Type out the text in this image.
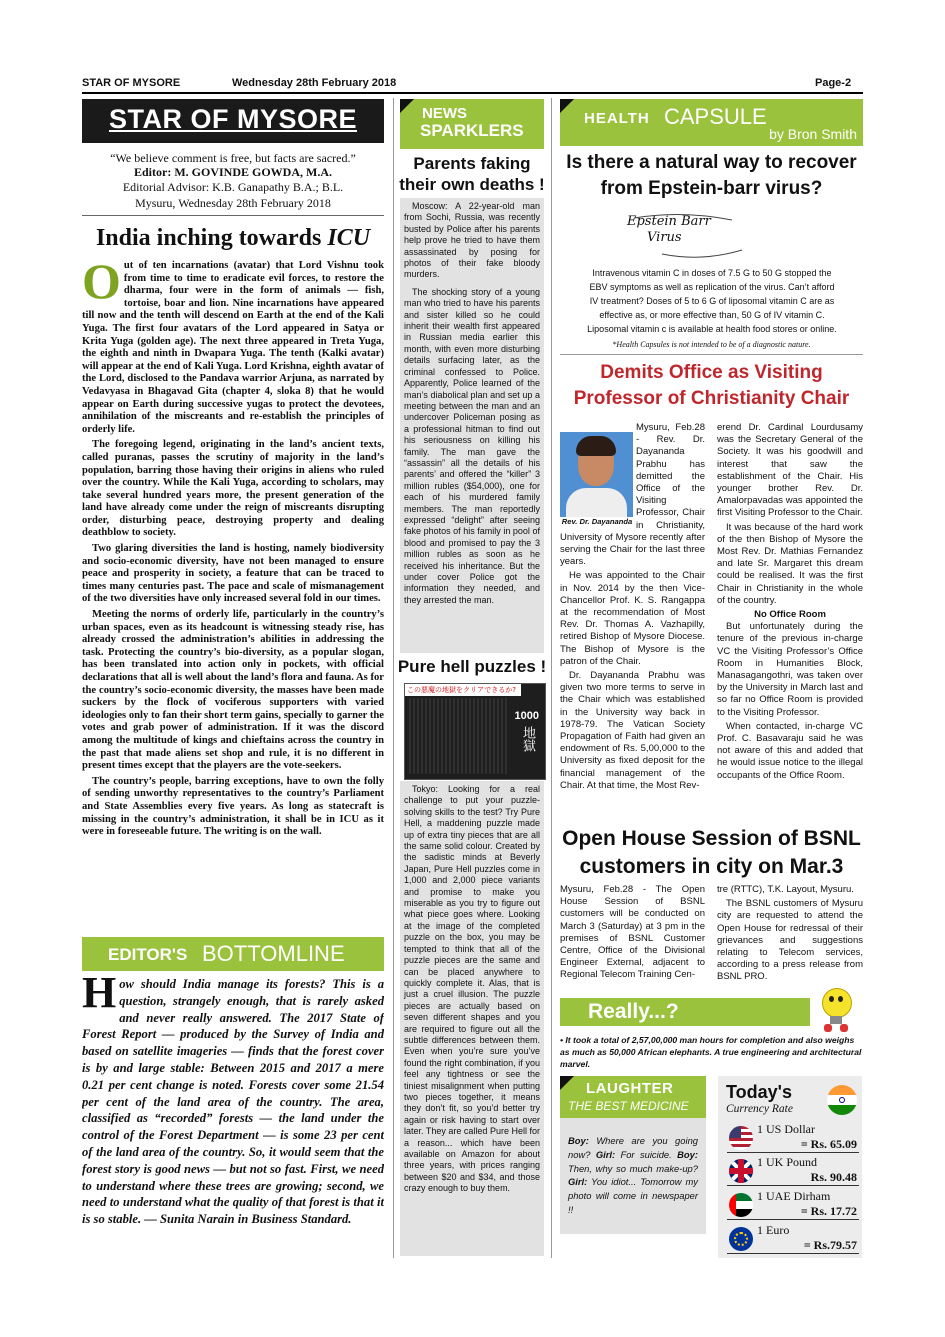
STAR OF MYSORE	Wednesday 28th February 2018	Page-2
STAR OF MYSORE
“We believe comment is free, but facts are sacred.”
Editor: M. GOVINDE GOWDA, M.A.
Editorial Advisor: K.B. Ganapathy B.A.; B.L.
Mysuru, Wednesday 28th February 2018
India inching towards ICU
O ut of ten incarnations (avatar) that Lord Vishnu took from time to time to eradicate evil forces, to restore the dharma, four were in the form of animals — fish, tortoise, boar and lion. Nine incarnations have appeared till now and the tenth will descend on Earth at the end of the Kali Yuga. The first four avatars of the Lord appeared in Satya or Krita Yuga (golden age). The next three appeared in Treta Yuga, the eighth and ninth in Dwapara Yuga. The tenth (Kalki avatar) will appear at the end of Kali Yuga. Lord Krishna, eighth avatar of the Lord, disclosed to the Pandava warrior Arjuna, as narrated by Vedavyasa in Bhagavad Gita (chapter 4, sloka 8) that he would appear on Earth during successive yugas to protect the devotees, annihilation of the miscreants and re-establish the principles of orderly life.

The foregoing legend, originating in the land’s ancient texts, called puranas, passes the scrutiny of majority in the land’s population, barring those having their origins in aliens who ruled over the country. While the Kali Yuga, according to scholars, may take several hundred years more, the present generation of the land have already come under the reign of miscreants disrupting order, disturbing peace, destroying property and dealing deathblow to society.

Two glaring diversities the land is hosting, namely biodiversity and socio-economic diversity, have not been managed to ensure peace and prosperity in society, a feature that can be traced to times many centuries past. The pace and scale of mismanagement of the two diversities have only increased several fold in our times.

Meeting the norms of orderly life, particularly in the country’s urban spaces, even as its headcount is witnessing steady rise, has already crossed the administration’s abilities in addressing the task. Protecting the country’s bio-diversity, as a popular slogan, has been translated into action only in pockets, with official declarations that all is well about the land’s flora and fauna. As for the country’s socio-economic diversity, the masses have been made suckers by the flock of vociferous supporters with varied ideologies only to fan their short term gains, specially to garner the votes and grab power of administration. If it was the discord among the multitude of kings and chieftains across the country in the past that made aliens set shop and rule, it is no different in present times except that the players are the vote-seekers.

The country’s people, barring exceptions, have to own the folly of sending unworthy representatives to the country’s Parliament and State Assemblies every five years. As long as statecraft is missing in the country’s administration, it shall be in ICU as it were in foreseeable future. The writing is on the wall.

EDITOR'S BOTTOMLINE
How should India manage its forests? This is a question, strangely enough, that is rarely asked and never really answered. The 2017 State of Forest Report — produced by the Survey of India and based on satellite imageries — finds that the forest cover is by and large stable: Between 2015 and 2017 a mere 0.21 per cent change is noted. Forests cover some 21.54 per cent of the land area of the country. The area, classified as “recorded” forests — the land under the control of the Forest Department — is some 23 per cent of the land area of the country. So, it would seem that the forest story is good news — but not so fast. First, we need to understand where these trees are growing; second, we need to understand what the quality of that forest is that it is so stable. — Sunita Narain in Business Standard.
NEWS
SPARKLERS
Parents faking their own deaths !

Moscow: A 22-year-old man from Sochi, Russia, was recently busted by Police after his parents help prove he tried to have them assassinated by posing for photos of their fake bloody murders.

The shocking story of a young man who tried to have his parents and sister killed so he could inherit their wealth first appeared in Russian media earlier this month, with even more disturbing details surfacing later, as the criminal confessed to Police. Apparently, Police learned of the man’s diabolical plan and set up a meeting between the man and an undercover Policeman posing as a professional hitman to find out his seriousness on killing his family. The man gave the “assassin” all the details of his parents’ and offered the “killer” 3 million rubles ($54,000), one for each of his murdered family members. The man reportedly expressed “delight” after seeing fake photos of his family in pool of blood and promised to pay the 3 million rubles as soon as he received his inheritance. But the under cover Police got the information they needed, and they arrested the man.

Pure hell puzzles !
この悪魔の地獄をクリアできるか?
1000
地獄

Tokyo: Looking for a real challenge to put your puzzle-solving skills to the test? Try Pure Hell, a maddening puzzle made up of extra tiny pieces that are all the same solid colour. Created by the sadistic minds at Beverly Japan, Pure Hell puzzles come in 1,000 and 2,000 piece variants and promise to make you miserable as you try to figure out what piece goes where. Looking at the image of the completed puzzle on the box, you may be tempted to think that all of the puzzle pieces are the same and can be placed anywhere to quickly complete it. Alas, that is just a cruel illusion. The puzzle pieces are actually based on seven different shapes and you are required to figure out all the subtle differences between them. Even when you’re sure you’ve found the right combination, if you feel any tightness or see the tiniest misalignment when putting two pieces together, it means they don’t fit, so you’d better try again or risk having to start over later. They are called Pure Hell for a reason... which have been available on Amazon for about three years, with prices ranging between $20 and $34, and those crazy enough to buy them.

HEALTH CAPSULE
by Bron Smith
Is there a natural way to recover from Epstein-barr virus?
Epstein Barr
Virus
Intravenous vitamin C in doses of 7.5 G to 50 G stopped the EBV symptoms as well as replication of the virus. Can’t afford IV treatment? Doses of 5 to 6 G of liposomal vitamin C are as effective as, or more effective than, 50 G of IV vitamin C. Liposomal vitamin c is available at health food stores or online.
*Health Capsules is not intended to be of a diagnostic nature.
Demits Office as Visiting Professor of Christianity Chair
Rev. Dr. Dayananda

Mysuru, Feb.28 - Rev. Dr. Dayananda Prabhu has demitted the Office of the Visiting Professor, Chair in Christianity, University of Mysore recently after serving the Chair for the last three years.

He was appointed to the Chair in Nov. 2014 by the then Vice-Chancellor Prof. K. S. Rangappa at the recommendation of Most Rev. Dr. Thomas A. Vazhapilly, retired Bishop of Mysore Diocese. The Bishop of Mysore is the patron of the Chair.

Dr. Dayananda Prabhu was given two more terms to serve in the Chair which was established in the University way back in 1978-79. The Vatican Society Propagation of Faith had given an endowment of Rs. 5,00,000 to the University as fixed deposit for the financial management of the Chair. At that time, the Most Rev-

erend Dr. Cardinal Lourdusamy was the Secretary General of the Society. It was his goodwill and interest that saw the establishment of the Chair. His younger brother Rev. Dr. Amalorpavadas was appointed the first Visiting Professor to the Chair.

It was because of the hard work of the then Bishop of Mysore the Most Rev. Dr. Mathias Fernandez and late Sr. Margaret this dream could be realised. It was the first Chair in Christianity in the whole of the country.

No Office Room

But unfortunately during the tenure of the previous in-charge VC the Visiting Professor’s Office Room in Humanities Block, Manasagangothri, was taken over by the University in March last and so far no Office Room is provided to the Visiting Professor.

When contacted, in-charge VC Prof. C. Basavaraju said he was not aware of this and added that he would issue notice to the illegal occupants of the Office Room.

Open House Session of BSNL customers in city on Mar.3

Mysuru, Feb.28 - The Open House Session of BSNL customers will be conducted on March 3 (Saturday) at 3 pm in the premises of BSNL Customer Centre, Office of the Divisional Engineer External, adjacent to Regional Telecom Training Cen-

tre (RTTC), T.K. Layout, Mysuru.

The BSNL customers of Mysuru city are requested to attend the Open House for redressal of their grievances and suggestions relating to Telecom services, according to a press release from BSNL PRO.

Really...?
• It took a total of 2,57,00,000 man hours for completion and also weighs as much as 50,000 African elephants. A true engineering and architectural marvel.
LAUGHTER
THE BEST MEDICINE
Boy: Where are you going now? Girl: For suicide. Boy: Then, why so much make-up? Girl: You idiot... Tomorrow my photo will come in newspaper !!
Today's
Currency Rate
1 US Dollar
= Rs. 65.09
1 UK Pound
Rs. 90.48
1 UAE Dirham
= Rs. 17.72
1 Euro
= Rs.79.57
